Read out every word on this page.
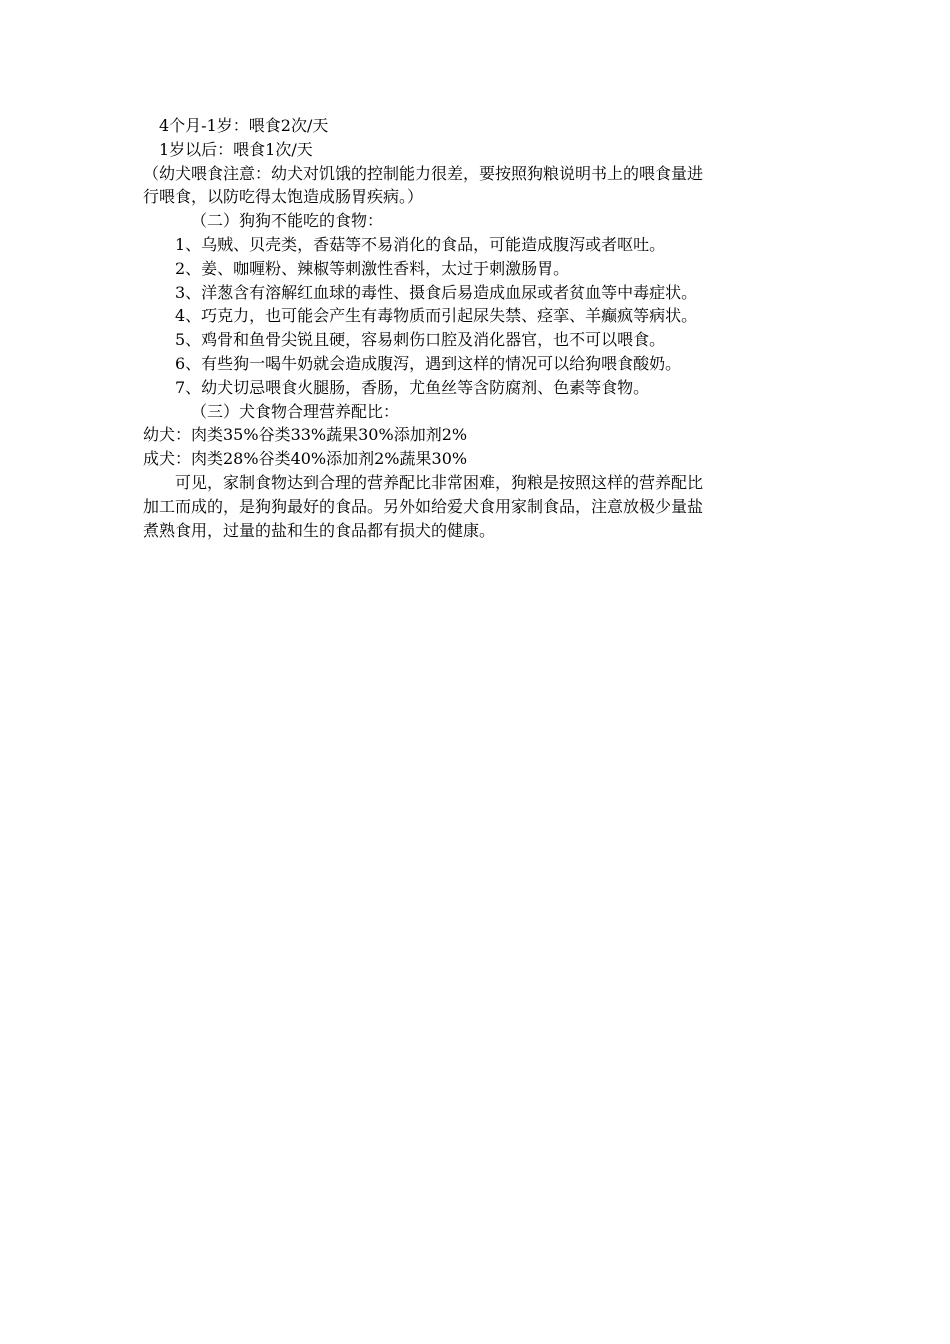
4个月-1岁：喂食2次/天
1岁以后：喂食1次/天
（幼犬喂食注意：幼犬对饥饿的控制能力很差，要按照狗粮说明书上的喂食量进
行喂食，以防吃得太饱造成肠胃疾病。）
（二）狗狗不能吃的食物：
1、乌贼、贝壳类，香菇等不易消化的食品，可能造成腹泻或者呕吐。
2、姜、咖喱粉、辣椒等刺激性香料，太过于刺激肠胃。
3、洋葱含有溶解红血球的毒性、摄食后易造成血尿或者贫血等中毒症状。
4、巧克力，也可能会产生有毒物质而引起尿失禁、痉挛、羊癫疯等病状。
5、鸡骨和鱼骨尖锐且硬，容易刺伤口腔及消化器官，也不可以喂食。
6、有些狗一喝牛奶就会造成腹泻，遇到这样的情况可以给狗喂食酸奶。
7、幼犬切忌喂食火腿肠，香肠，尤鱼丝等含防腐剂、色素等食物。
（三）犬食物合理营养配比：
幼犬：肉类35%谷类33%蔬果30%添加剂2%
成犬：肉类28%谷类40%添加剂2%蔬果30%
可见，家制食物达到合理的营养配比非常困难，狗粮是按照这样的营养配比
加工而成的，是狗狗最好的食品。另外如给爱犬食用家制食品，注意放极少量盐
煮熟食用，过量的盐和生的食品都有损犬的健康。
